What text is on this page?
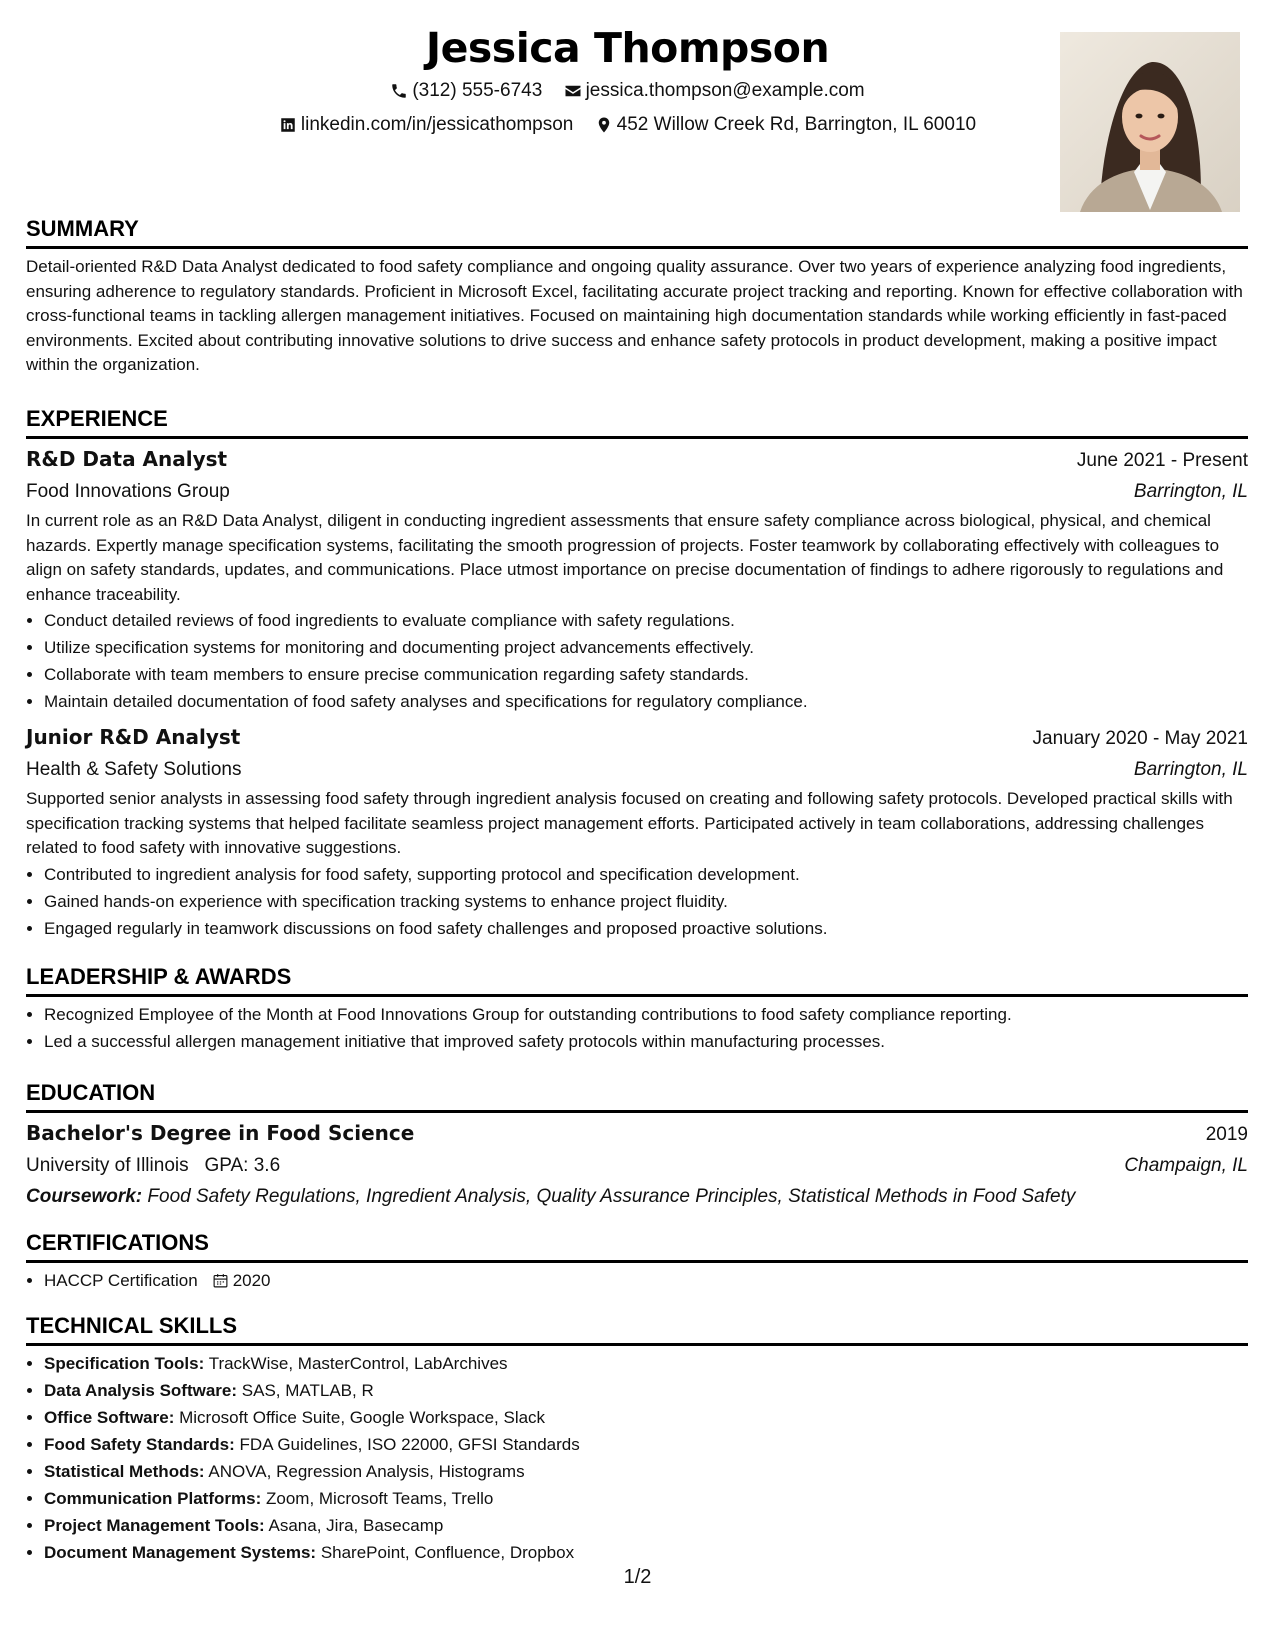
Jessica Thompson
(312) 555-6743
jessica.thompson@example.com
linkedin.com/in/jessicathompson
452 Willow Creek Rd, Barrington, IL 60010
SUMMARY
Detail-oriented R&D Data Analyst dedicated to food safety compliance and ongoing quality assurance. Over two years of experience analyzing food ingredients, ensuring adherence to regulatory standards. Proficient in Microsoft Excel, facilitating accurate project tracking and reporting. Known for effective collaboration with cross-functional teams in tackling allergen management initiatives. Focused on maintaining high documentation standards while working efficiently in fast-paced environments. Excited about contributing innovative solutions to drive success and enhance safety protocols in product development, making a positive impact within the organization.
EXPERIENCE
R&D Data Analyst	June 2021 - Present
Food Innovations Group	Barrington, IL
In current role as an R&D Data Analyst, diligent in conducting ingredient assessments that ensure safety compliance across biological, physical, and chemical hazards. Expertly manage specification systems, facilitating the smooth progression of projects. Foster teamwork by collaborating effectively with colleagues to align on safety standards, updates, and communications. Place utmost importance on precise documentation of findings to adhere rigorously to regulations and enhance traceability.
• Conduct detailed reviews of food ingredients to evaluate compliance with safety regulations.
• Utilize specification systems for monitoring and documenting project advancements effectively.
• Collaborate with team members to ensure precise communication regarding safety standards.
• Maintain detailed documentation of food safety analyses and specifications for regulatory compliance.
Junior R&D Analyst	January 2020 - May 2021
Health & Safety Solutions	Barrington, IL
Supported senior analysts in assessing food safety through ingredient analysis focused on creating and following safety protocols. Developed practical skills with specification tracking systems that helped facilitate seamless project management efforts. Participated actively in team collaborations, addressing challenges related to food safety with innovative suggestions.
• Contributed to ingredient analysis for food safety, supporting protocol and specification development.
• Gained hands-on experience with specification tracking systems to enhance project fluidity.
• Engaged regularly in teamwork discussions on food safety challenges and proposed proactive solutions.
LEADERSHIP & AWARDS
• Recognized Employee of the Month at Food Innovations Group for outstanding contributions to food safety compliance reporting.
• Led a successful allergen management initiative that improved safety protocols within manufacturing processes.
EDUCATION
Bachelor's Degree in Food Science	2019
University of Illinois GPA: 3.6	Champaign, IL
Coursework: Food Safety Regulations, Ingredient Analysis, Quality Assurance Principles, Statistical Methods in Food Safety
CERTIFICATIONS
• HACCP Certification 2020
TECHNICAL SKILLS
• Specification Tools: TrackWise, MasterControl, LabArchives
• Data Analysis Software: SAS, MATLAB, R
• Office Software: Microsoft Office Suite, Google Workspace, Slack
• Food Safety Standards: FDA Guidelines, ISO 22000, GFSI Standards
• Statistical Methods: ANOVA, Regression Analysis, Histograms
• Communication Platforms: Zoom, Microsoft Teams, Trello
• Project Management Tools: Asana, Jira, Basecamp
• Document Management Systems: SharePoint, Confluence, Dropbox
1/2
